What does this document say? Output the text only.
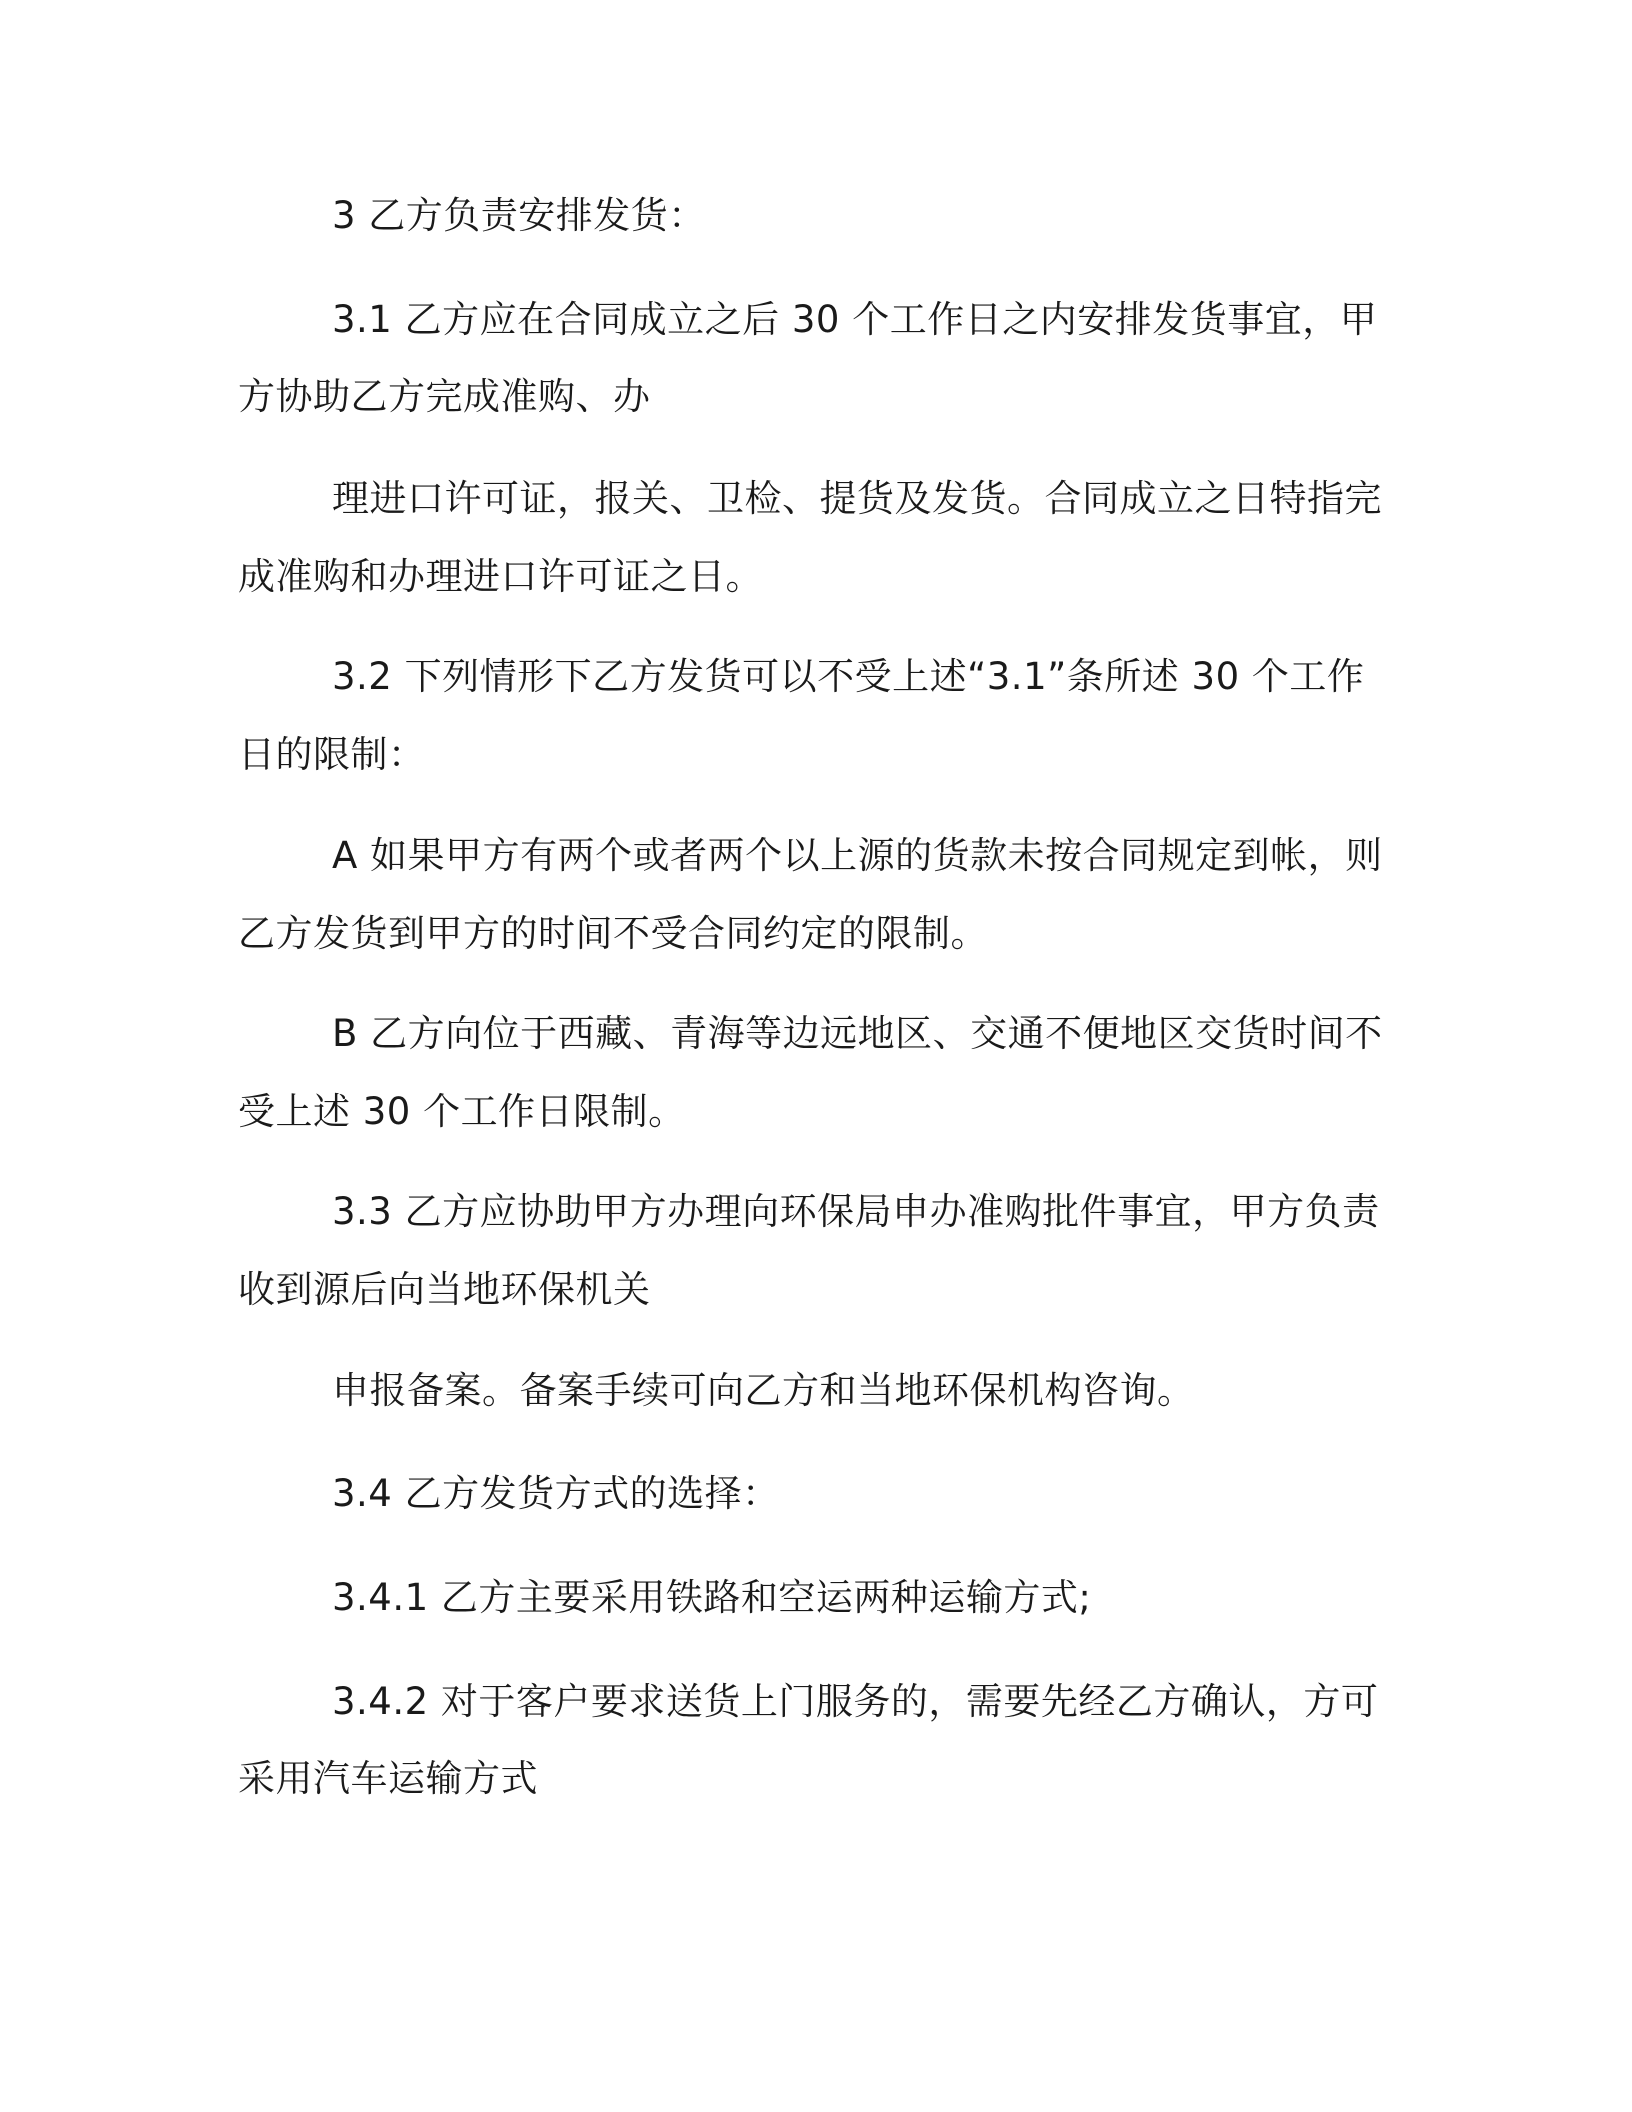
3 乙方负责安排发货：
3.1 乙方应在合同成立之后 30 个工作日之内安排发货事宜，甲
方协助乙方完成准购、办
理进口许可证，报关、卫检、提货及发货。合同成立之日特指完
成准购和办理进口许可证之日。
3.2 下列情形下乙方发货可以不受上述“3.1”条所述 30 个工作
日的限制：
A 如果甲方有两个或者两个以上源的货款未按合同规定到帐，则
乙方发货到甲方的时间不受合同约定的限制。
B 乙方向位于西藏、青海等边远地区、交通不便地区交货时间不
受上述 30 个工作日限制。
3.3 乙方应协助甲方办理向环保局申办准购批件事宜，甲方负责
收到源后向当地环保机关
申报备案。备案手续可向乙方和当地环保机构咨询。
3.4 乙方发货方式的选择：
3.4.1 乙方主要采用铁路和空运两种运输方式;
3.4.2 对于客户要求送货上门服务的，需要先经乙方确认，方可
采用汽车运输方式
